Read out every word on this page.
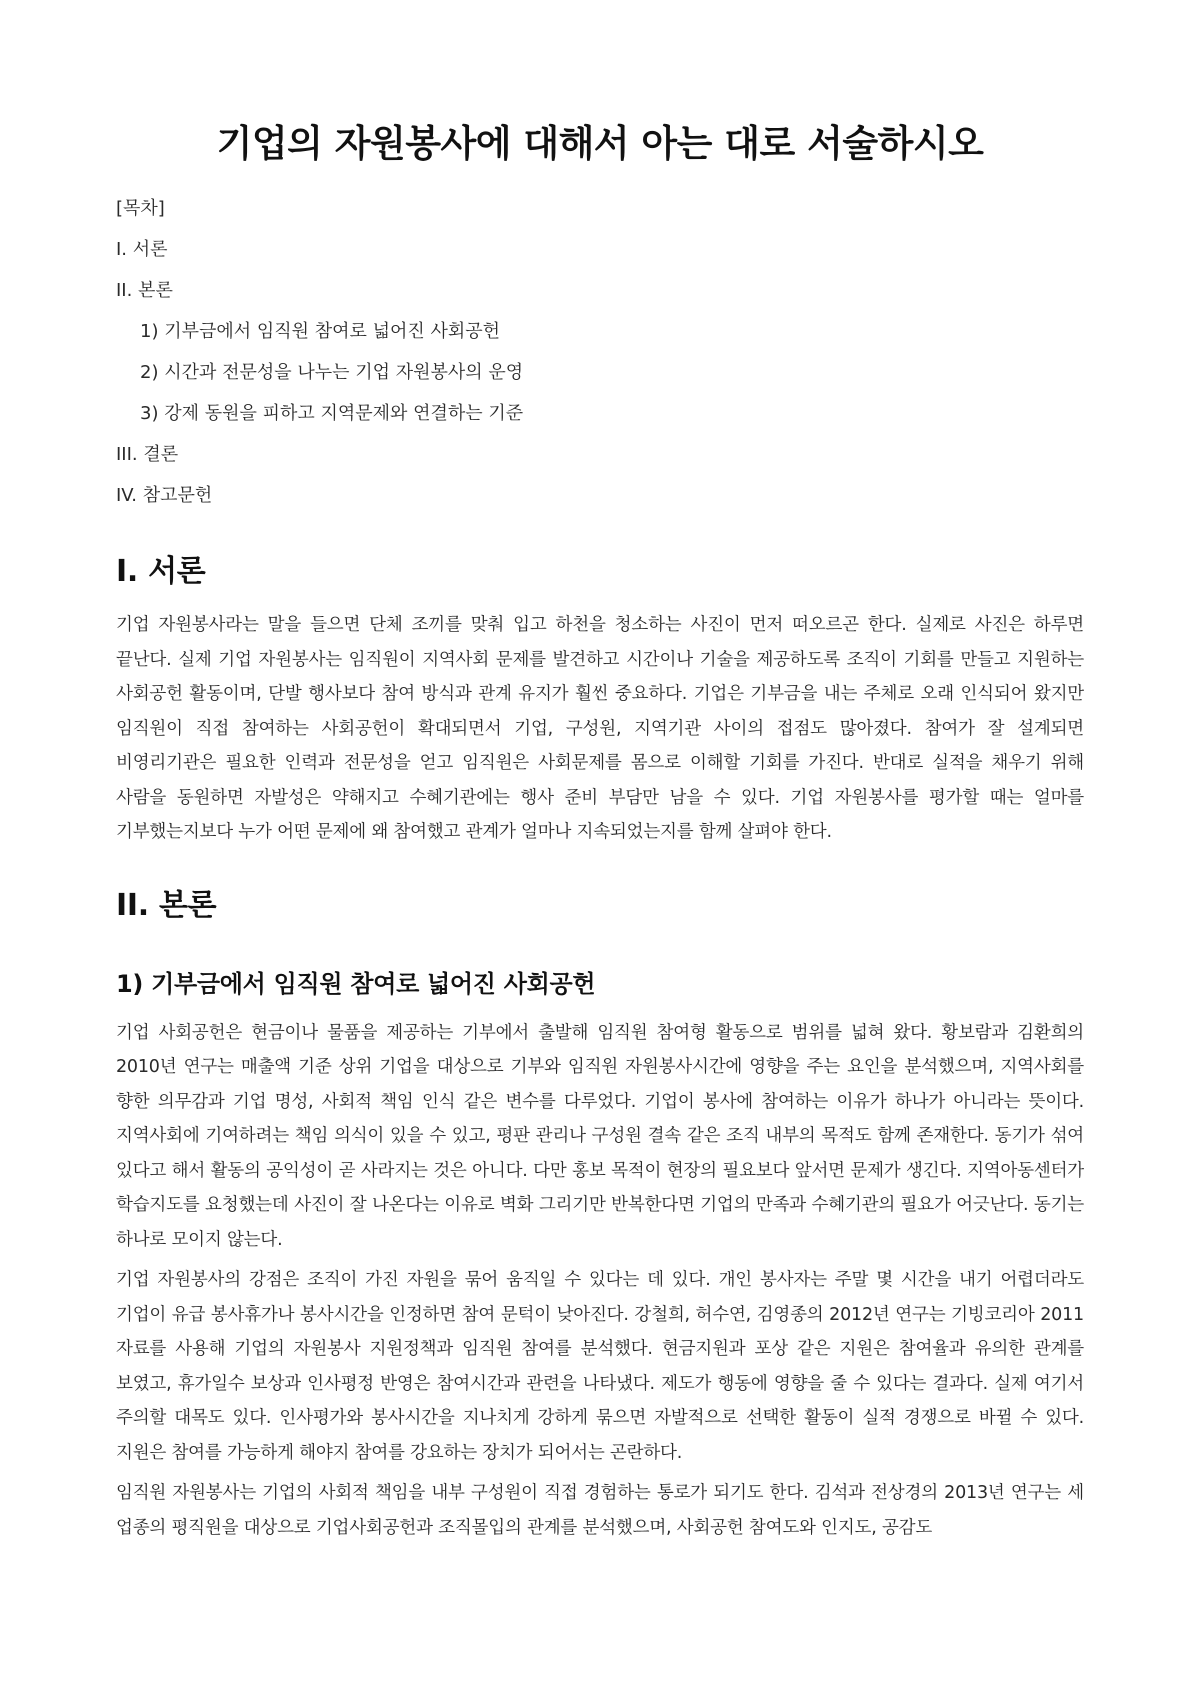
기업의 자원봉사에 대해서 아는 대로 서술하시오
[목차]
I. 서론
II. 본론
1) 기부금에서 임직원 참여로 넓어진 사회공헌
2) 시간과 전문성을 나누는 기업 자원봉사의 운영
3) 강제 동원을 피하고 지역문제와 연결하는 기준
III. 결론
IV. 참고문헌
I. 서론

기업 자원봉사라는 말을 들으면 단체 조끼를 맞춰 입고 하천을 청소하는 사진이 먼저 떠오르곤 한다. 실제로 사진은 하루면 끝난다. 실제 기업 자원봉사는 임직원이 지역사회 문제를 발견하고 시간이나 기술을 제공하도록 조직이 기회를 만들고 지원하는 사회공헌 활동이며, 단발 행사보다 참여 방식과 관계 유지가 훨씬 중요하다. 기업은 기부금을 내는 주체로 오래 인식되어 왔지만 임직원이 직접 참여하는 사회공헌이 확대되면서 기업, 구성원, 지역기관 사이의 접점도 많아졌다. 참여가 잘 설계되면 비영리기관은 필요한 인력과 전문성을 얻고 임직원은 사회문제를 몸으로 이해할 기회를 가진다. 반대로 실적을 채우기 위해 사람을 동원하면 자발성은 약해지고 수혜기관에는 행사 준비 부담만 남을 수 있다. 기업 자원봉사를 평가할 때는 얼마를 기부했는지보다 누가 어떤 문제에 왜 참여했고 관계가 얼마나 지속되었는지를 함께 살펴야 한다.

II. 본론
1) 기부금에서 임직원 참여로 넓어진 사회공헌

기업 사회공헌은 현금이나 물품을 제공하는 기부에서 출발해 임직원 참여형 활동으로 범위를 넓혀 왔다. 황보람과 김환희의 2010년 연구는 매출액 기준 상위 기업을 대상으로 기부와 임직원 자원봉사시간에 영향을 주는 요인을 분석했으며, 지역사회를 향한 의무감과 기업 명성, 사회적 책임 인식 같은 변수를 다루었다. 기업이 봉사에 참여하는 이유가 하나가 아니라는 뜻이다. 지역사회에 기여하려는 책임 의식이 있을 수 있고, 평판 관리나 구성원 결속 같은 조직 내부의 목적도 함께 존재한다. 동기가 섞여 있다고 해서 활동의 공익성이 곧 사라지는 것은 아니다. 다만 홍보 목적이 현장의 필요보다 앞서면 문제가 생긴다. 지역아동센터가 학습지도를 요청했는데 사진이 잘 나온다는 이유로 벽화 그리기만 반복한다면 기업의 만족과 수혜기관의 필요가 어긋난다. 동기는 하나로 모이지 않는다.

기업 자원봉사의 강점은 조직이 가진 자원을 묶어 움직일 수 있다는 데 있다. 개인 봉사자는 주말 몇 시간을 내기 어렵더라도 기업이 유급 봉사휴가나 봉사시간을 인정하면 참여 문턱이 낮아진다. 강철희, 허수연, 김영종의 2012년 연구는 기빙코리아 2011 자료를 사용해 기업의 자원봉사 지원정책과 임직원 참여를 분석했다. 현금지원과 포상 같은 지원은 참여율과 유의한 관계를 보였고, 휴가일수 보상과 인사평정 반영은 참여시간과 관련을 나타냈다. 제도가 행동에 영향을 줄 수 있다는 결과다. 실제 여기서 주의할 대목도 있다. 인사평가와 봉사시간을 지나치게 강하게 묶으면 자발적으로 선택한 활동이 실적 경쟁으로 바뀔 수 있다. 지원은 참여를 가능하게 해야지 참여를 강요하는 장치가 되어서는 곤란하다.

임직원 자원봉사는 기업의 사회적 책임을 내부 구성원이 직접 경험하는 통로가 되기도 한다. 김석과 전상경의 2013년 연구는 세 업종의 평직원을 대상으로 기업사회공헌과 조직몰입의 관계를 분석했으며, 사회공헌 참여도와 인지도, 공감도
